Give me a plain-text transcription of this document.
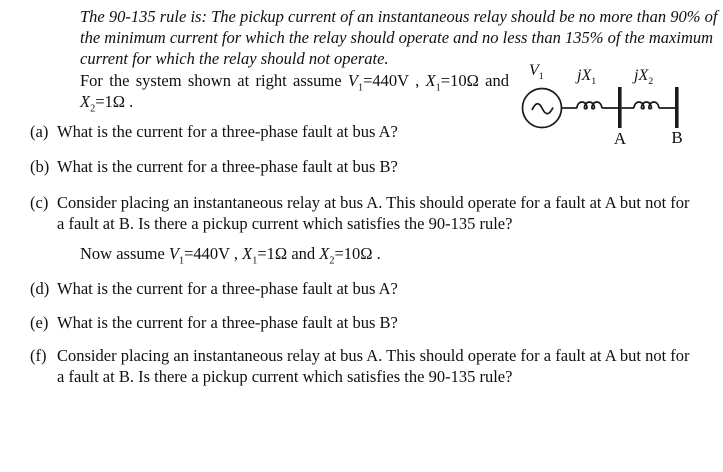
The 90-135 rule is: The pickup current of an instantaneous relay should be no more than 90% of
the minimum current for which the relay should operate and no less than 135% of the maximum
current for which the relay should not operate.
For the system shown at right assume $V_1=440V$ , $X_1=10\Omega$ and
$X_2=1\Omega$ .
(a) What is the current for a three-phase fault at bus A?
(b) What is the current for a three-phase fault at bus B?
(c) Consider placing an instantaneous relay at bus A. This should operate for a fault at A but not for
a fault at B. Is there a pickup current which satisfies the 90-135 rule?
Now assume $V_1=440V$ , $X_1=1\Omega$ and $X_2=10\Omega$ .
(d) What is the current for a three-phase fault at bus A?
(e) What is the current for a three-phase fault at bus B?
(f) Consider placing an instantaneous relay at bus A. This should operate for a fault at A but not for
a fault at B. Is there a pickup current which satisfies the 90-135 rule?
$V_1$ $jX_1$ $jX_2$
A	B
